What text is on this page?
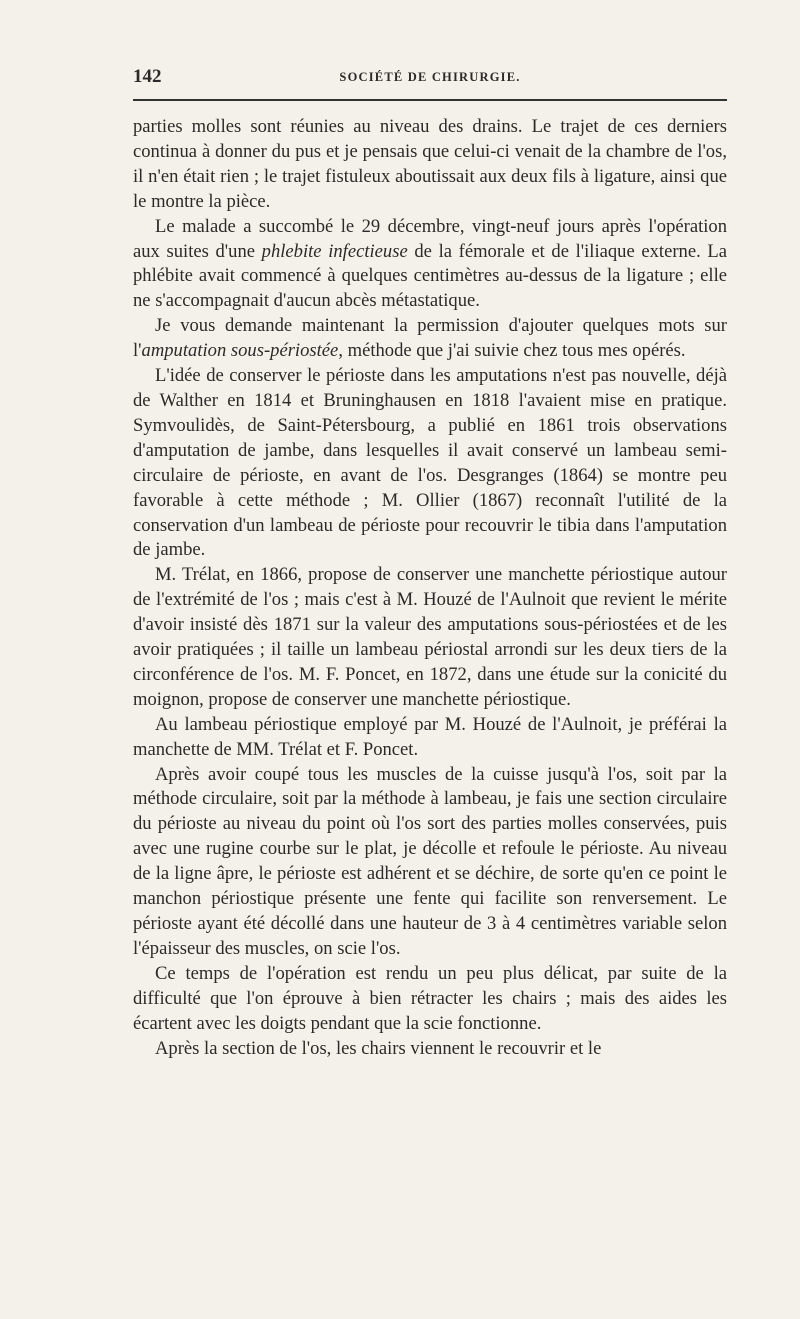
142	SOCIÉTÉ DE CHIRURGIE.

parties molles sont réunies au niveau des drains. Le trajet de ces derniers continua à donner du pus et je pensais que celui-ci venait de la chambre de l'os, il n'en était rien ; le trajet fistuleux aboutissait aux deux fils à ligature, ainsi que le montre la pièce.

Le malade a succombé le 29 décembre, vingt-neuf jours après l'opération aux suites d'une phlebite infectieuse de la fémorale et de l'iliaque externe. La phlébite avait commencé à quelques centimètres au-dessus de la ligature ; elle ne s'accompagnait d'aucun abcès métastatique.

Je vous demande maintenant la permission d'ajouter quelques mots sur l'amputation sous-périostée, méthode que j'ai suivie chez tous mes opérés.

L'idée de conserver le périoste dans les amputations n'est pas nouvelle, déjà de Walther en 1814 et Bruninghausen en 1818 l'avaient mise en pratique. Symvoulidès, de Saint-Pétersbourg, a publié en 1861 trois observations d'amputation de jambe, dans lesquelles il avait conservé un lambeau semi-circulaire de périoste, en avant de l'os. Desgranges (1864) se montre peu favorable à cette méthode ; M. Ollier (1867) reconnaît l'utilité de la conservation d'un lambeau de périoste pour recouvrir le tibia dans l'amputation de jambe.

M. Trélat, en 1866, propose de conserver une manchette périostique autour de l'extrémité de l'os ; mais c'est à M. Houzé de l'Aulnoit que revient le mérite d'avoir insisté dès 1871 sur la valeur des amputations sous-périostées et de les avoir pratiquées ; il taille un lambeau périostal arrondi sur les deux tiers de la circonférence de l'os. M. F. Poncet, en 1872, dans une étude sur la conicité du moignon, propose de conserver une manchette périostique.

Au lambeau périostique employé par M. Houzé de l'Aulnoit, je préférai la manchette de MM. Trélat et F. Poncet.

Après avoir coupé tous les muscles de la cuisse jusqu'à l'os, soit par la méthode circulaire, soit par la méthode à lambeau, je fais une section circulaire du périoste au niveau du point où l'os sort des parties molles conservées, puis avec une rugine courbe sur le plat, je décolle et refoule le périoste. Au niveau de la ligne âpre, le périoste est adhérent et se déchire, de sorte qu'en ce point le manchon périostique présente une fente qui facilite son renversement. Le périoste ayant été décollé dans une hauteur de 3 à 4 centimètres variable selon l'épaisseur des muscles, on scie l'os.

Ce temps de l'opération est rendu un peu plus délicat, par suite de la difficulté que l'on éprouve à bien rétracter les chairs ; mais des aides les écartent avec les doigts pendant que la scie fonctionne.

Après la section de l'os, les chairs viennent le recouvrir et le
